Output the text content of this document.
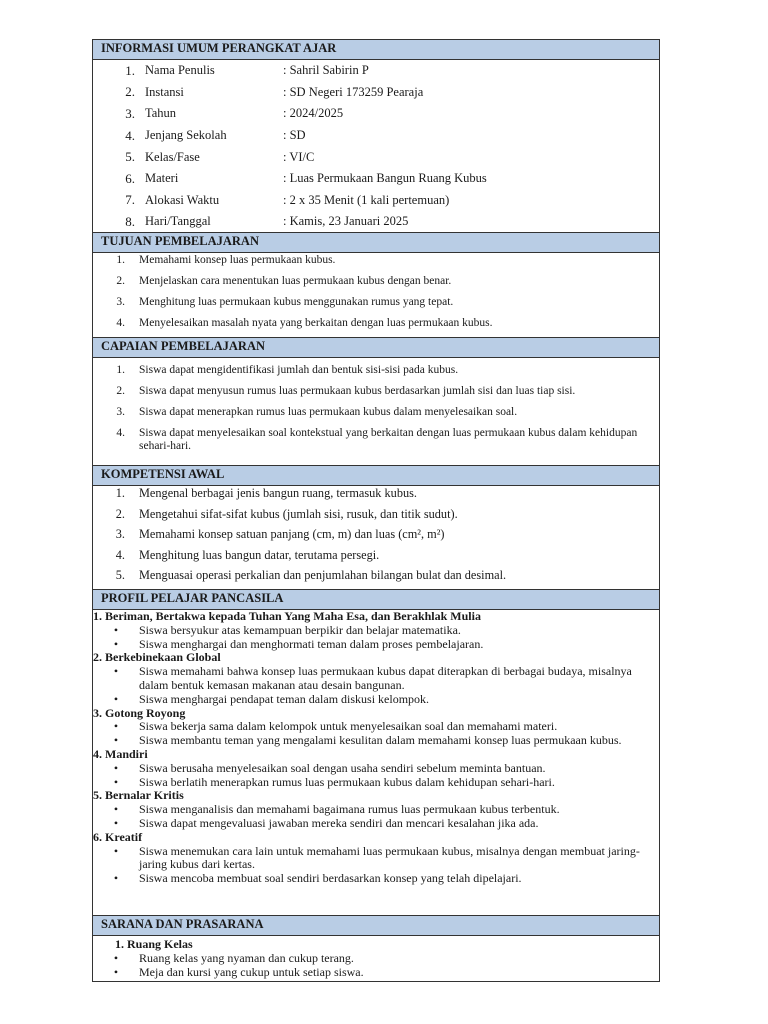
INFORMASI UMUM PERANGKAT AJAR
1. Nama Penulis	: Sahril Sabirin P
2. Instansi	: SD Negeri 173259 Pearaja
3. Tahun	: 2024/2025
4. Jenjang Sekolah	: SD
5. Kelas/Fase	: VI/C
6. Materi	: Luas Permukaan Bangun Ruang Kubus
7. Alokasi Waktu	: 2 x 35 Menit (1 kali pertemuan)
8. Hari/Tanggal	: Kamis, 23 Januari 2025
TUJUAN PEMBELAJARAN
1.	Memahami konsep luas permukaan kubus.
2.	Menjelaskan cara menentukan luas permukaan kubus dengan benar.
3.	Menghitung luas permukaan kubus menggunakan rumus yang tepat.
4.	Menyelesaikan masalah nyata yang berkaitan dengan luas permukaan kubus.
CAPAIAN PEMBELAJARAN
1.	Siswa dapat mengidentifikasi jumlah dan bentuk sisi-sisi pada kubus.
2.	Siswa dapat menyusun rumus luas permukaan kubus berdasarkan jumlah sisi dan luas tiap sisi.
3.	Siswa dapat menerapkan rumus luas permukaan kubus dalam menyelesaikan soal.
4.	Siswa dapat menyelesaikan soal kontekstual yang berkaitan dengan luas permukaan kubus dalam kehidupan sehari-hari.
KOMPETENSI AWAL
1.	Mengenal berbagai jenis bangun ruang, termasuk kubus.
2.	Mengetahui sifat-sifat kubus (jumlah sisi, rusuk, dan titik sudut).
3.	Memahami konsep satuan panjang (cm, m) dan luas (cm², m²)
4.	Menghitung luas bangun datar, terutama persegi.
5.	Menguasai operasi perkalian dan penjumlahan bilangan bulat dan desimal.
PROFIL PELAJAR PANCASILA
1. Beriman, Bertakwa kepada Tuhan Yang Maha Esa, dan Berakhlak Mulia
•	Siswa bersyukur atas kemampuan berpikir dan belajar matematika.
•	Siswa menghargai dan menghormati teman dalam proses pembelajaran.
2. Berkebinekaan Global
•	Siswa memahami bahwa konsep luas permukaan kubus dapat diterapkan di berbagai budaya, misalnya dalam bentuk kemasan makanan atau desain bangunan.
•	Siswa menghargai pendapat teman dalam diskusi kelompok.
3. Gotong Royong
•	Siswa bekerja sama dalam kelompok untuk menyelesaikan soal dan memahami materi.
•	Siswa membantu teman yang mengalami kesulitan dalam memahami konsep luas permukaan kubus.
4. Mandiri
•	Siswa berusaha menyelesaikan soal dengan usaha sendiri sebelum meminta bantuan.
•	Siswa berlatih menerapkan rumus luas permukaan kubus dalam kehidupan sehari-hari.
5. Bernalar Kritis
•	Siswa menganalisis dan memahami bagaimana rumus luas permukaan kubus terbentuk.
•	Siswa dapat mengevaluasi jawaban mereka sendiri dan mencari kesalahan jika ada.
6. Kreatif
•	Siswa menemukan cara lain untuk memahami luas permukaan kubus, misalnya dengan membuat jaring-jaring kubus dari kertas.
•	Siswa mencoba membuat soal sendiri berdasarkan konsep yang telah dipelajari.
SARANA DAN PRASARANA
1. Ruang Kelas
•	Ruang kelas yang nyaman dan cukup terang.
•	Meja dan kursi yang cukup untuk setiap siswa.
